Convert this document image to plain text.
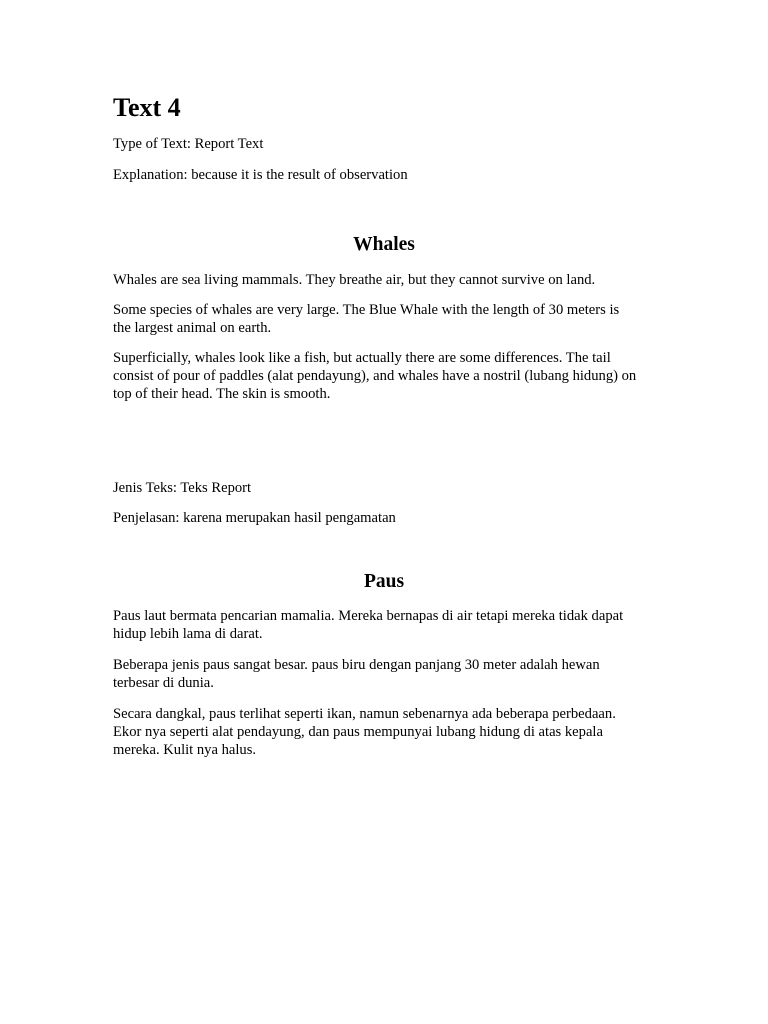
Text 4

Type of Text: Report Text

Explanation: because it is the result of observation

Whales

Whales are sea living mammals. They breathe air, but they cannot survive on land.

Some species of whales are very large. The Blue Whale with the length of 30 meters is

the largest animal on earth.

Superficially, whales look like a fish, but actually there are some differences. The tail

consist of pour of paddles (alat pendayung), and whales have a nostril (lubang hidung) on

top of their head. The skin is smooth.

Jenis Teks: Teks Report

Penjelasan: karena merupakan hasil pengamatan

Paus

Paus laut bermata pencarian mamalia. Mereka bernapas di air tetapi mereka tidak dapat

hidup lebih lama di darat.

Beberapa jenis paus sangat besar. paus biru dengan panjang 30 meter adalah hewan

terbesar di dunia.

Secara dangkal, paus terlihat seperti ikan, namun sebenarnya ada beberapa perbedaan.

Ekor nya seperti alat pendayung, dan paus mempunyai lubang hidung di atas kepala

mereka. Kulit nya halus.
